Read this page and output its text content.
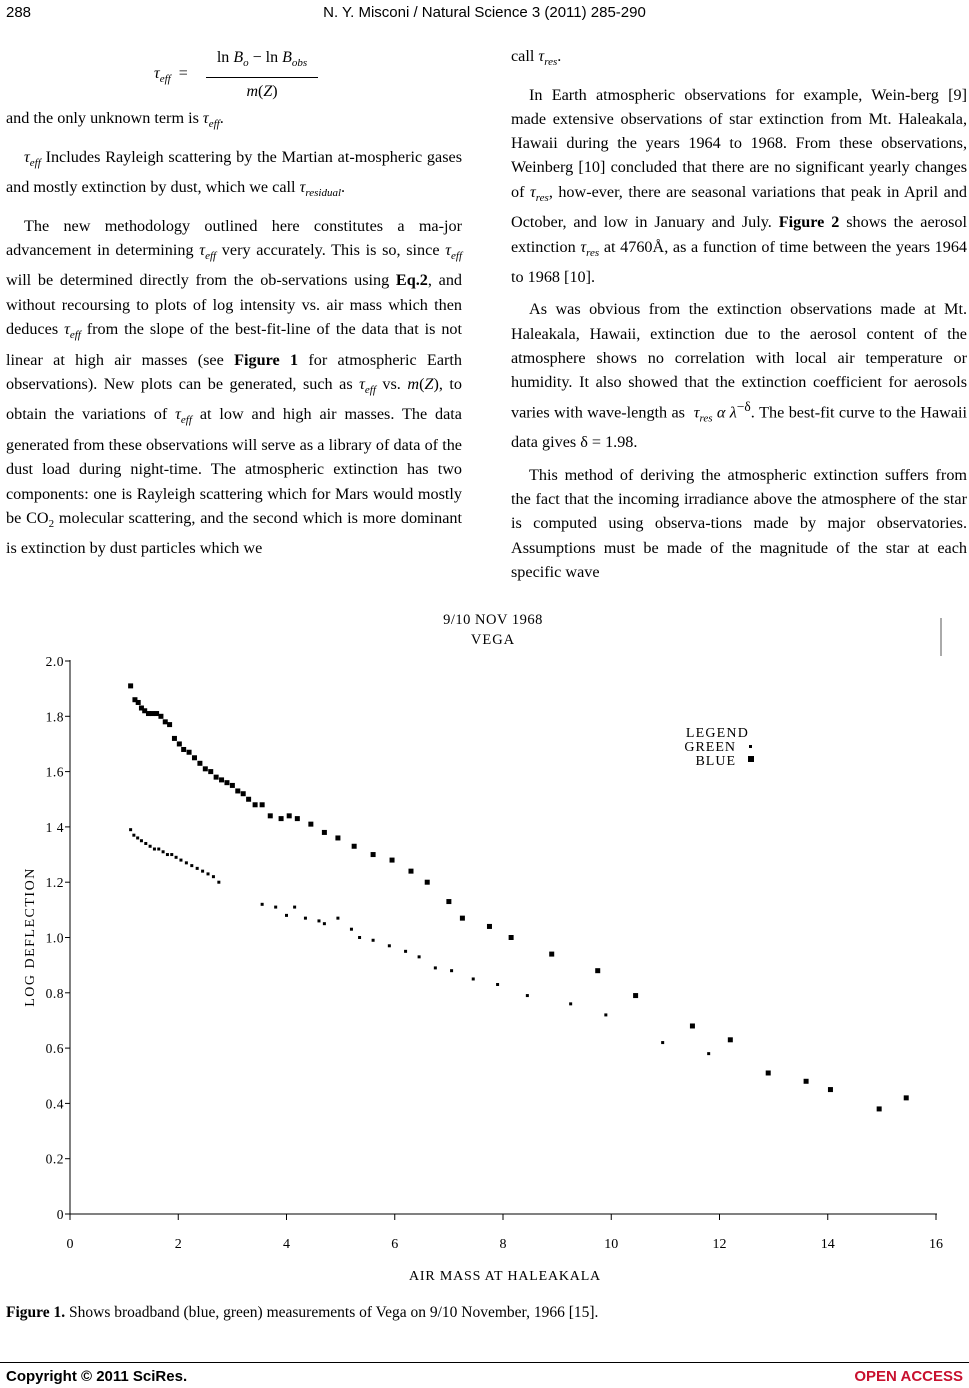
288	N. Y. Misconi / Natural Science 3 (2011) 285-290
$\tau_{eff}$  =
$\ln B_o - \ln B_{obs}$
m(Z)

and the only unknown term is $\tau_{eff}$.

$\tau_{eff}$ Includes Rayleigh scattering by the Martian at-mospheric gases and mostly extinction by dust, which we call $\tau_{residual}$.

The new methodology outlined here constitutes a ma-jor advancement in determining $\tau_{eff}$ very accurately. This is so, since $\tau_{eff}$ will be determined directly from the ob-servations using Eq.2, and without recoursing to plots of log intensity vs. air mass which then deduces $\tau_{eff}$ from the slope of the best-fit-line of the data that is not linear at high air masses (see Figure 1 for atmospheric Earth observations). New plots can be generated, such as $\tau_{eff}$ vs. m(Z), to obtain the variations of $\tau_{eff}$ at low and high air masses. The data generated from these observations will serve as a library of data of the dust load during night-time. The atmospheric extinction has two components: one is Rayleigh scattering which for Mars would mostly be $CO_2$ molecular scattering, and the second which is more dominant is extinction by dust particles which we

call $\tau_{res}$.

In Earth atmospheric observations for example, Wein-berg [9] made extensive observations of star extinction from Mt. Haleakala, Hawaii during the years 1964 to 1968. From these observations, Weinberg [10] concluded that there are no significant yearly changes of $\tau_{res}$, how-ever, there are seasonal variations that peak in April and October, and low in January and July. Figure 2 shows the aerosol extinction $\tau_{res}$ at 4760Å, as a function of time between the years 1964 to 1968 [10].

As was obvious from the extinction observations made at Mt. Haleakala, Hawaii, extinction due to the aerosol content of the atmosphere shows no correlation with local air temperature or humidity. It also showed that the extinction coefficient for aerosols varies with wave-length as  $\tau_{res}$ α $\lambda^{-\delta}$. The best-fit curve to the Hawaii data gives δ = 1.98.

This method of deriving the atmospheric extinction suffers from the fact that the incoming irradiance above the atmosphere of the star is computed using observa-tions made by major observatories. Assumptions must be made of the magnitude of the star at each specific wave

9/10 NOV 1968
VEGA
AIR MASS AT HALEAKALA
LOG DEFLECTION
LEGEND
GREEN
BLUE
0	2	4	6	8	10	12	14	16
0
0.2
0.4
0.6
0.8
1.0
1.2
1 4
1.6
1.8
2.0
Figure 1. Shows broadband (blue, green) measurements of Vega on 9/10 November, 1966 [15].
Copyright © 2011 SciRes.	OPEN ACCESS
